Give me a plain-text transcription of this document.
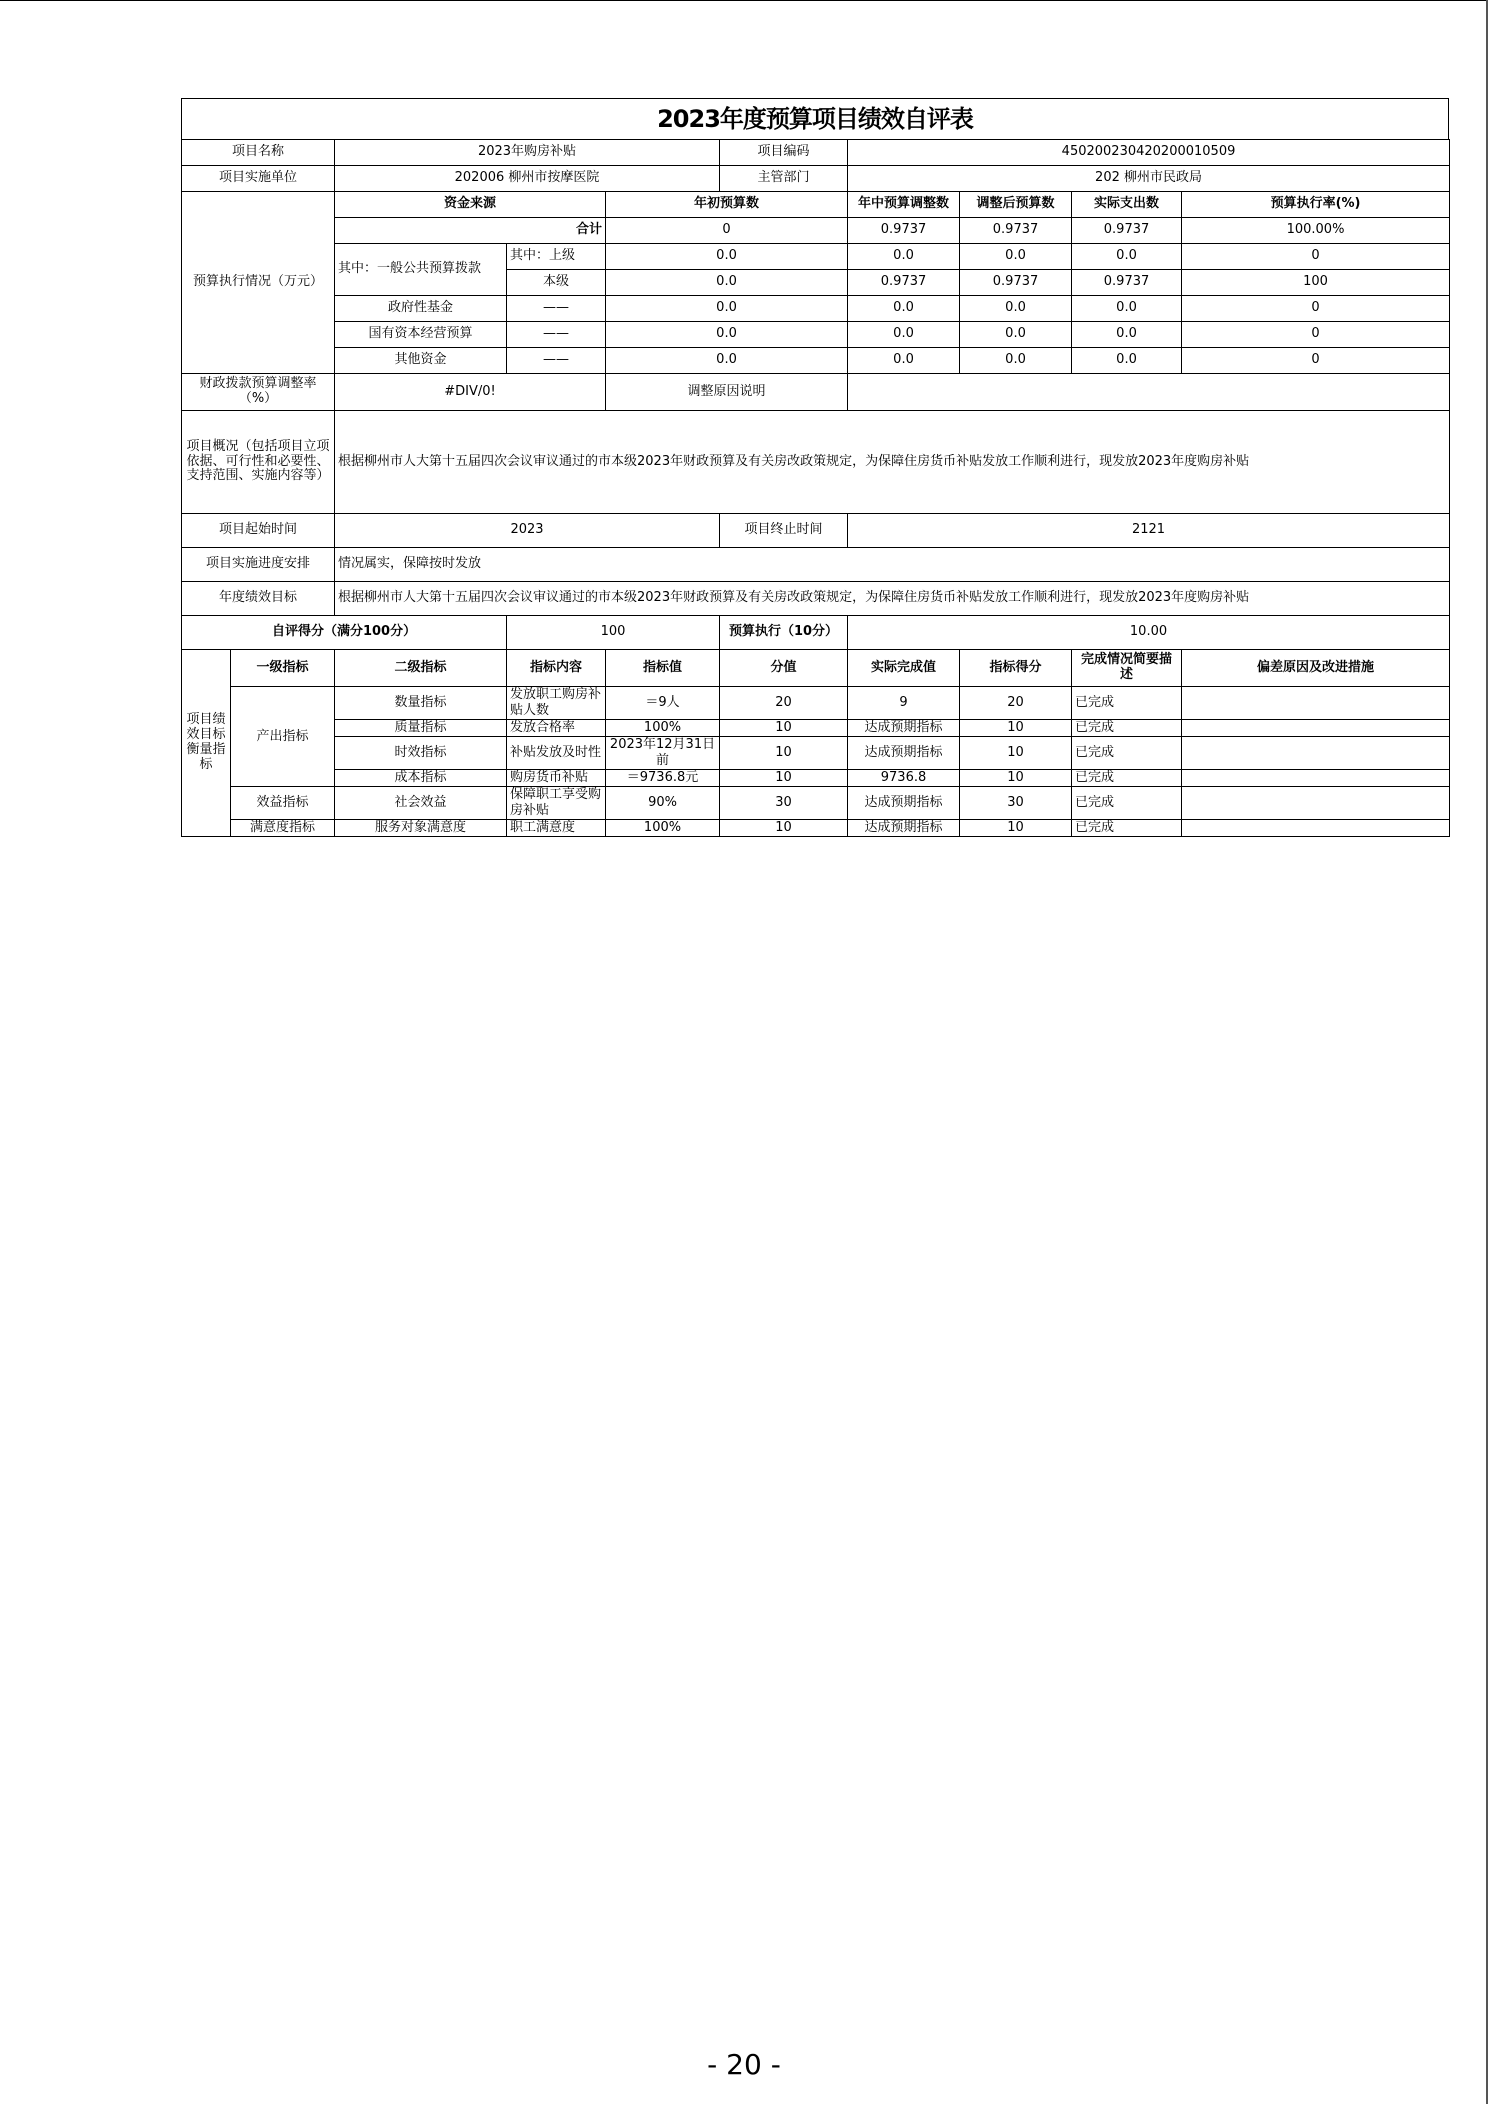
2023年度预算项目绩效自评表
项目名称		2023年购房补贴			项目编码	450200230420200010509			
项目实施单位		202006 柳州市按摩医院			主管部门	202 柳州市民政局			
预算执行情况（万元）		资金来源		年初预算数		年中预算调整数	调整后预算数	实际支出数	预算执行率(%)
		合计		0		0.9737	0.9737	0.9737	100.00%
		其中：一般公共预算拨款	其中：上级	0.0		0.0	0.0	0.0	0
			本级	0.0		0.9737	0.9737	0.9737	100
		政府性基金	——	0.0		0.0	0.0	0.0	0
		国有资本经营预算	——	0.0		0.0	0.0	0.0	0
		其他资金	——	0.0		0.0	0.0	0.0	0
财政拨款预算调整率（%）		#DIV/0!		调整原因说明					
项目概况（包括项目立项依据、可行性和必要性、支持范围、实施内容等）		根据柳州市人大第十五届四次会议审议通过的市本级2023年财政预算及有关房改政策规定，为保障住房货币补贴发放工作顺利进行，现发放2023年度购房补贴							
项目起始时间		2023			项目终止时间	2121			
项目实施进度安排		情况属实，保障按时发放							
年度绩效目标		根据柳州市人大第十五届四次会议审议通过的市本级2023年财政预算及有关房改政策规定，为保障住房货币补贴发放工作顺利进行，现发放2023年度购房补贴							
自评得分（满分100分）			100		预算执行（10分）	10.00			
项目绩效目标衡量指标	一级指标	二级指标	指标内容	指标值	分值	实际完成值	指标得分	完成情况简要描述	偏差原因及改进措施
	产出指标	数量指标	发放职工购房补贴人数	＝9人	20	9	20	已完成	
		质量指标	发放合格率	100%	10	达成预期指标	10	已完成	
		时效指标	补贴发放及时性	2023年12月31日前	10	达成预期指标	10	已完成	
		成本指标	购房货币补贴	＝9736.8元	10	9736.8	10	已完成	
	效益指标	社会效益	保障职工享受购房补贴	90%	30	达成预期指标	30	已完成	
	满意度指标	服务对象满意度	职工满意度	100%	10	达成预期指标	10	已完成	
- 20 -
